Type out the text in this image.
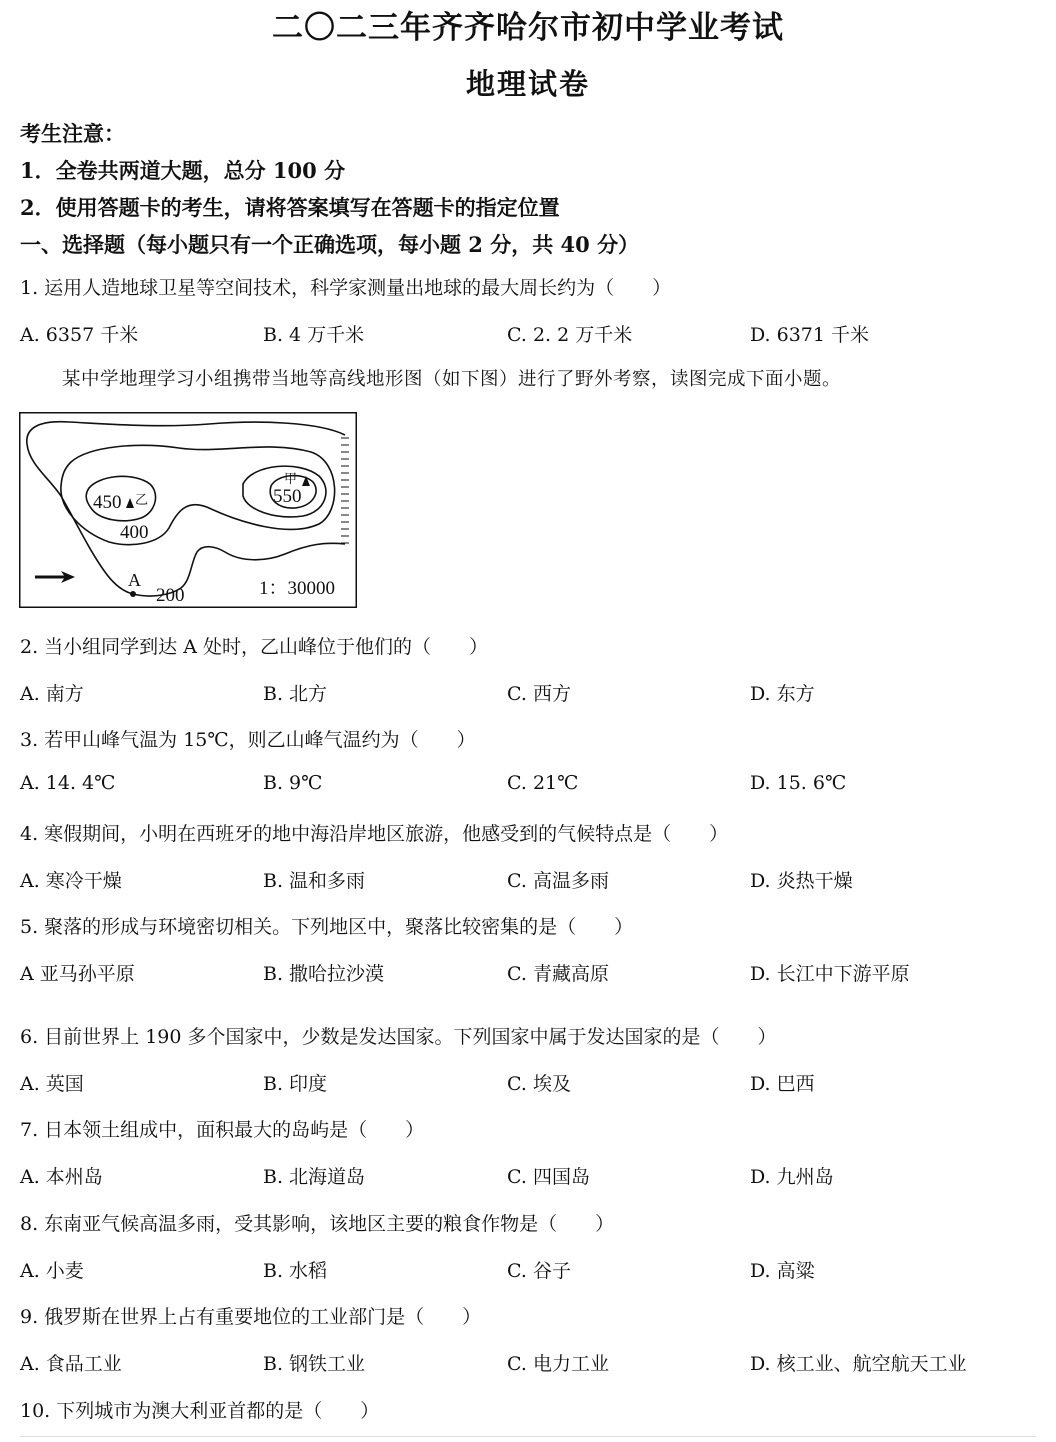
二〇二三年齐齐哈尔市初中学业考试
地理试卷
考生注意：
1．全卷共两道大题，总分 100 分
2．使用答题卡的考生，请将答案填写在答题卡的指定位置
一、选择题（每小题只有一个正确选项，每小题 2 分，共 40 分）
1. 运用人造地球卫星等空间技术，科学家测量出地球的最大周长约为（　　）
A. 6357 千米	B. 4 万千米	C. 2. 2 万千米	D. 6371 千米
某中学地理学习小组携带当地等高线地形图（如下图）进行了野外考察，读图完成下面小题。
450 乙
400
甲
550
A
200	1：30000
2. 当小组同学到达 A 处时，乙山峰位于他们的（　　）
A. 南方	B. 北方	C. 西方	D. 东方
3. 若甲山峰气温为 15℃，则乙山峰气温约为（　　）
A. 14. 4℃	B. 9℃	C. 21℃	D. 15. 6℃
4. 寒假期间，小明在西班牙的地中海沿岸地区旅游，他感受到的气候特点是（　　）
A. 寒冷干燥	B. 温和多雨	C. 高温多雨	D. 炎热干燥
5. 聚落的形成与环境密切相关。下列地区中，聚落比较密集的是（　　）
A 亚马孙平原	B. 撒哈拉沙漠	C. 青藏高原	D. 长江中下游平原
6. 目前世界上 190 多个国家中，少数是发达国家。下列国家中属于发达国家的是（　　）
A. 英国	B. 印度	C. 埃及	D. 巴西
7. 日本领土组成中，面积最大的岛屿是（　　）
A. 本州岛	B. 北海道岛	C. 四国岛	D. 九州岛
8. 东南亚气候高温多雨，受其影响，该地区主要的粮食作物是（　　）
A. 小麦	B. 水稻	C. 谷子	D. 高粱
9. 俄罗斯在世界上占有重要地位的工业部门是（　　）
A. 食品工业	B. 钢铁工业	C. 电力工业	D. 核工业、航空航天工业
10. 下列城市为澳大利亚首都的是（　　）
